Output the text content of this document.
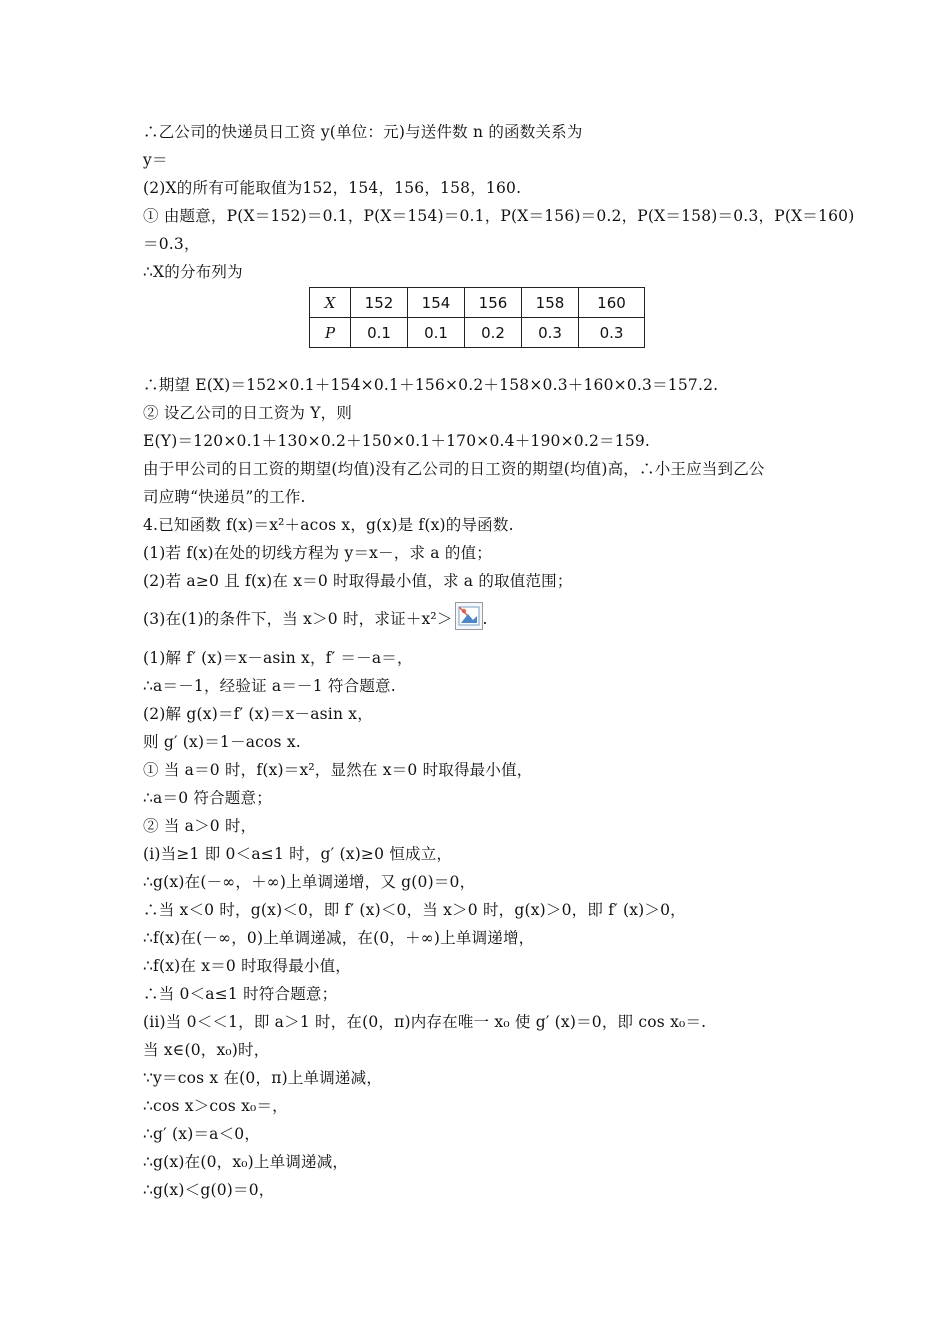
∴乙公司的快递员日工资 y(单位：元)与送件数 n 的函数关系为
y＝
(2)X的所有可能取值为152，154，156，158，160.
① 由题意，P(X＝152)＝0.1，P(X＝154)＝0.1，P(X＝156)＝0.2，P(X＝158)＝0.3，P(X＝160)
＝0.3，
∴X的分布列为
X	152	154	156	158	160
P	0.1	0.1	0.2	0.3	0.3
∴期望 E(X)＝152×0.1＋154×0.1＋156×0.2＋158×0.3＋160×0.3＝157.2.
② 设乙公司的日工资为 Y，则
E(Y)＝120×0.1＋130×0.2＋150×0.1＋170×0.4＋190×0.2＝159.
由于甲公司的日工资的期望(均值)没有乙公司的日工资的期望(均值)高，∴小王应当到乙公
司应聘“快递员”的工作.
4.已知函数 f(x)＝x²＋acos x，g(x)是 f(x)的导函数.
(1)若 f(x)在处的切线方程为 y＝x－，求 a 的值；
(2)若 a≥0 且 f(x)在 x＝0 时取得最小值，求 a 的取值范围；
(3)在(1)的条件下，当 x＞0 时，求证＋x²＞ .
(1)解 f′ (x)＝x－asin x，f′ ＝－a＝，
∴a＝－1，经验证 a＝－1 符合题意.
(2)解 g(x)＝f′ (x)＝x－asin x，
则 g′ (x)＝1－acos x.
① 当 a＝0 时，f(x)＝x²，显然在 x＝0 时取得最小值，
∴a＝0 符合题意；
② 当 a＞0 时，
(i)当≥1 即 0＜a≤1 时，g′ (x)≥0 恒成立，
∴g(x)在(－∞，＋∞)上单调递增，又 g(0)＝0，
∴当 x＜0 时，g(x)＜0，即 f′ (x)＜0，当 x＞0 时，g(x)＞0，即 f′ (x)＞0，
∴f(x)在(－∞，0)上单调递减，在(0，＋∞)上单调递增，
∴f(x)在 x＝0 时取得最小值，
∴当 0＜a≤1 时符合题意；
(ii)当 0＜＜1，即 a＞1 时，在(0，π)内存在唯一 x₀ 使 g′ (x)＝0，即 cos x₀＝.
当 x∈(0，x₀)时，
∵y＝cos x 在(0，π)上单调递减，
∴cos x＞cos x₀＝，
∴g′ (x)＝a＜0，
∴g(x)在(0，x₀)上单调递减，
∴g(x)＜g(0)＝0，
